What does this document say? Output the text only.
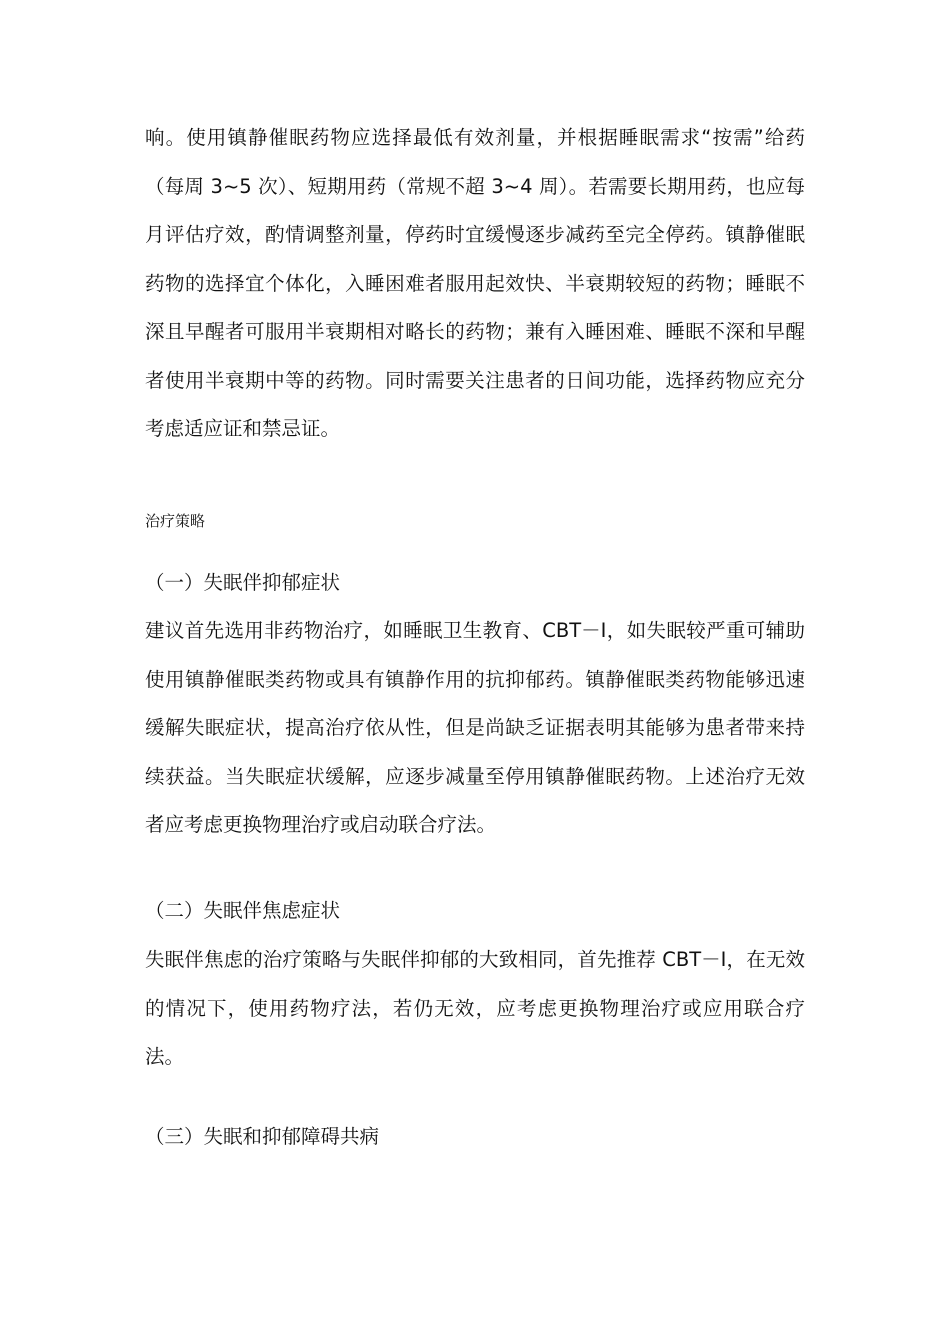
响。使用镇静催眠药物应选择最低有效剂量，并根据睡眠需求“按需”给药（每周 3~5 次）、短期用药（常规不超 3~4 周）。若需要长期用药，也应每月评估疗效，酌情调整剂量，停药时宜缓慢逐步减药至完全停药。镇静催眠药物的选择宜个体化，入睡困难者服用起效快、半衰期较短的药物；睡眠不深且早醒者可服用半衰期相对略长的药物；兼有入睡困难、睡眠不深和早醒者使用半衰期中等的药物。同时需要关注患者的日间功能，选择药物应充分考虑适应证和禁忌证。

治疗策略

（一）失眠伴抑郁症状

建议首先选用非药物治疗，如睡眠卫生教育、CBT－I，如失眠较严重可辅助使用镇静催眠类药物或具有镇静作用的抗抑郁药。镇静催眠类药物能够迅速缓解失眠症状，提高治疗依从性，但是尚缺乏证据表明其能够为患者带来持续获益。当失眠症状缓解，应逐步减量至停用镇静催眠药物。上述治疗无效者应考虑更换物理治疗或启动联合疗法。

（二）失眠伴焦虑症状

失眠伴焦虑的治疗策略与失眠伴抑郁的大致相同，首先推荐 CBT－I，在无效的情况下，使用药物疗法，若仍无效，应考虑更换物理治疗或应用联合疗法。

（三）失眠和抑郁障碍共病
